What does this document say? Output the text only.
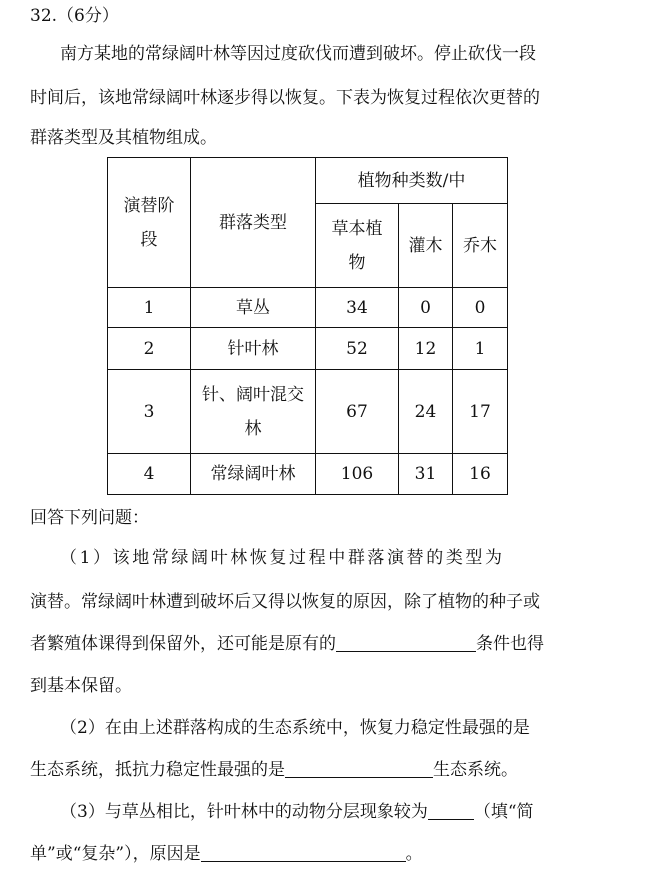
32.（6分）
南方某地的常绿阔叶林等因过度砍伐而遭到破坏。停止砍伐一段
时间后，该地常绿阔叶林逐步得以恢复。下表为恢复过程依次更替的
群落类型及其植物组成。
演替阶
段	群落类型	植物种类数/中		

		草本植
物	灌木	乔木
1	草丛	34	0	0
2	针叶林	52	12	1
3	针、阔叶混交
林	67	24	17
4	常绿阔叶林	106	31	16
回答下列问题：
（1）该地常绿阔叶林恢复过程中群落演替的类型为
演替。常绿阔叶林遭到破坏后又得以恢复的原因，除了植物的种子或
者繁殖体课得到保留外，还可能是原有的	条件也得
到基本保留。
（2）在由上述群落构成的生态系统中，恢复力稳定性最强的是
生态系统，抵抗力稳定性最强的是	生态系统。
（3）与草丛相比，针叶林中的动物分层现象较为	（填“简
单”或“复杂”），原因是	。
